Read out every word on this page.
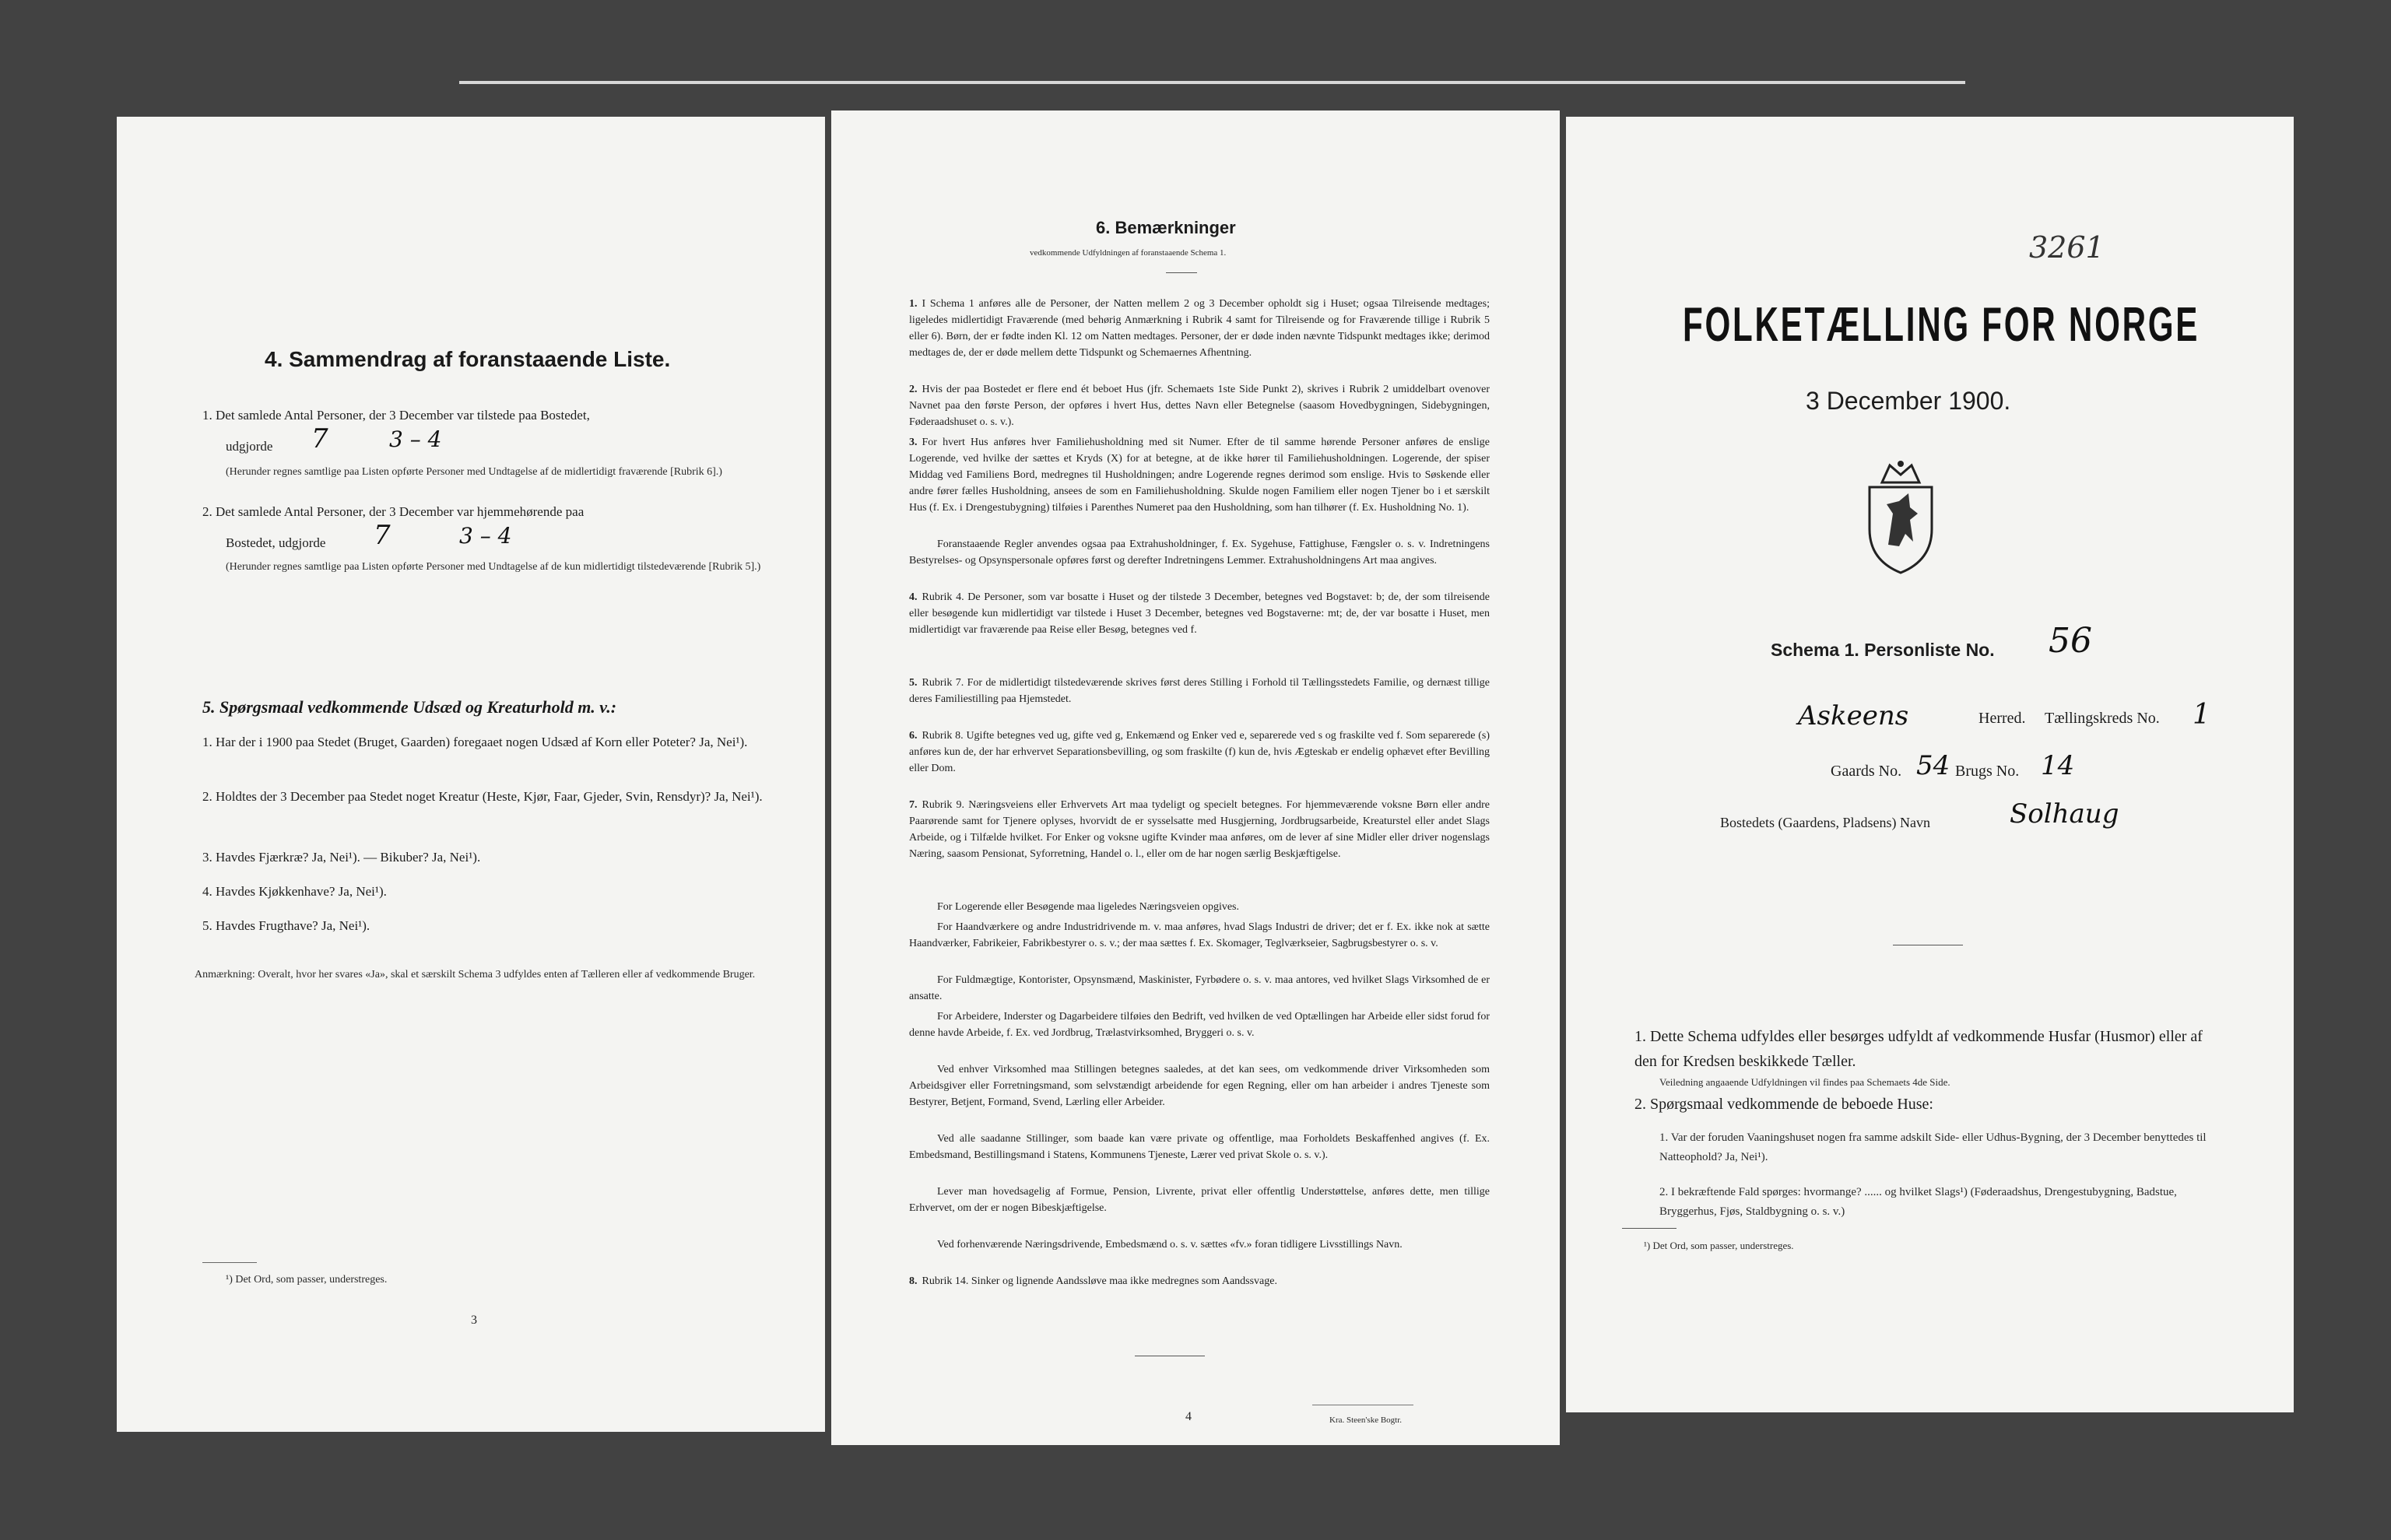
4. Sammendrag af foranstaaende Liste.
1. Det samlede Antal Personer, der 3 December var tilstede paa Bostedet,
udgjorde 7	3 – 4
(Herunder regnes samtlige paa Listen opførte Personer med Undtagelse af de midlertidigt fraværende [Rubrik 6].)
2. Det samlede Antal Personer, der 3 December var hjemmehørende paa
Bostedet, udgjorde 7	3 – 4
(Herunder regnes samtlige paa Listen opførte Personer med Undtagelse af de kun midlertidigt tilstedeværende [Rubrik 5].)
5. Spørgsmaal vedkommende Udsæd og Kreaturhold m. v.:
1. Har der i 1900 paa Stedet (Bruget, Gaarden) foregaaet nogen Udsæd af Korn eller Poteter? Ja, Nei¹).
2. Holdtes der 3 December paa Stedet noget Kreatur (Heste, Kjør, Faar, Gjeder, Svin, Rensdyr)? Ja, Nei¹).
3. Havdes Fjærkræ? Ja, Nei¹). — Bikuber? Ja, Nei¹).
4. Havdes Kjøkkenhave? Ja, Nei¹).
5. Havdes Frugthave? Ja, Nei¹).
Anmærkning: Overalt, hvor her svares «Ja», skal et særskilt Schema 3 udfyldes enten af Tælleren eller af vedkommende Bruger.
¹) Det Ord, som passer, understreges.
3
6. Bemærkninger
vedkommende Udfyldningen af foranstaaende Schema 1.
1. I Schema 1 anføres alle de Personer, der Natten mellem 2 og 3 December opholdt sig i Huset; ogsaa Tilreisende medtages; ligeledes midlertidigt Fraværende (med behørig Anmærkning i Rubrik 4 samt for Tilreisende og for Fraværende tillige i Rubrik 5 eller 6). Børn, der er fødte inden Kl. 12 om Natten medtages. Personer, der er døde inden nævnte Tidspunkt medtages ikke; derimod medtages de, der er døde mellem dette Tidspunkt og Schemaernes Afhentning.
2. Hvis der paa Bostedet er flere end ét beboet Hus (jfr. Schemaets 1ste Side Punkt 2), skrives i Rubrik 2 umiddelbart ovenover Navnet paa den første Person, der opføres i hvert Hus, dettes Navn eller Betegnelse (saasom Hovedbygningen, Sidebygningen, Føderaadshuset o. s. v.).
3. For hvert Hus anføres hver Familiehusholdning med sit Numer. Efter de til samme hørende Personer anføres de enslige Logerende, ved hvilke der sættes et Kryds (X) for at betegne, at de ikke hører til Familiehusholdningen. Logerende, der spiser Middag ved Familiens Bord, medregnes til Husholdningen; andre Logerende regnes derimod som enslige. Hvis to Søskende eller andre fører fælles Husholdning, ansees de som en Familiehusholdning. Skulde nogen Familiem eller nogen Tjener bo i et særskilt Hus (f. Ex. i Drengestubygning) tilføies i Parenthes Numeret paa den Husholdning, som han tilhører (f. Ex. Husholdning No. 1).
Foranstaaende Regler anvendes ogsaa paa Extrahusholdninger, f. Ex. Sygehuse, Fattighuse, Fængsler o. s. v. Indretningens Bestyrelses- og Opsynspersonale opføres først og derefter Indretningens Lemmer. Extrahusholdningens Art maa angives.
4. Rubrik 4. De Personer, som var bosatte i Huset og der tilstede 3 December, betegnes ved Bogstavet: b; de, der som tilreisende eller besøgende kun midlertidigt var tilstede i Huset 3 December, betegnes ved Bogstaverne: mt; de, der var bosatte i Huset, men midlertidigt var fraværende paa Reise eller Besøg, betegnes ved f.
5. Rubrik 7. For de midlertidigt tilstedeværende skrives først deres Stilling i Forhold til Tællingsstedets Familie, og dernæst tillige deres Familiestilling paa Hjemstedet.
6. Rubrik 8. Ugifte betegnes ved ug, gifte ved g, Enkemænd og Enker ved e, separerede ved s og fraskilte ved f. Som separerede (s) anføres kun de, der har erhvervet Separationsbevilling, og som fraskilte (f) kun de, hvis Ægteskab er endelig ophævet efter Bevilling eller Dom.
7. Rubrik 9. Næringsveiens eller Erhvervets Art maa tydeligt og specielt betegnes. For hjemmeværende voksne Børn eller andre Paarørende samt for Tjenere oplyses, hvorvidt de er sysselsatte med Husgjerning, Jordbrugsarbeide, Kreaturstel eller andet Slags Arbeide, og i Tilfælde hvilket. For Enker og voksne ugifte Kvinder maa anføres, om de lever af sine Midler eller driver nogenslags Næring, saasom Pensionat, Syforretning, Handel o. l., eller om de har nogen særlig Beskjæftigelse.
For Logerende eller Besøgende maa ligeledes Næringsveien opgives.
For Haandværkere og andre Industridrivende m. v. maa anføres, hvad Slags Industri de driver; det er f. Ex. ikke nok at sætte Haandværker, Fabrikeier, Fabrikbestyrer o. s. v.; der maa sættes f. Ex. Skomager, Teglværkseier, Sagbrugsbestyrer o. s. v.
For Fuldmægtige, Kontorister, Opsynsmænd, Maskinister, Fyrbødere o. s. v. maa antores, ved hvilket Slags Virksomhed de er ansatte.
For Arbeidere, Inderster og Dagarbeidere tilføies den Bedrift, ved hvilken de ved Optællingen har Arbeide eller sidst forud for denne havde Arbeide, f. Ex. ved Jordbrug, Trælastvirksomhed, Bryggeri o. s. v.
Ved enhver Virksomhed maa Stillingen betegnes saaledes, at det kan sees, om vedkommende driver Virksomheden som Arbeidsgiver eller Forretningsmand, som selvstændigt arbeidende for egen Regning, eller om han arbeider i andres Tjeneste som Bestyrer, Betjent, Formand, Svend, Lærling eller Arbeider.
Ved alle saadanne Stillinger, som baade kan være private og offentlige, maa Forholdets Beskaffenhed angives (f. Ex. Embedsmand, Bestillingsmand i Statens, Kommunens Tjeneste, Lærer ved privat Skole o. s. v.).
Lever man hovedsagelig af Formue, Pension, Livrente, privat eller offentlig Understøttelse, anføres dette, men tillige Erhvervet, om der er nogen Bibeskjæftigelse.
Ved forhenværende Næringsdrivende, Embedsmænd o. s. v. sættes «fv.» foran tidligere Livsstillings Navn.
8. Rubrik 14. Sinker og lignende Aandssløve maa ikke medregnes som Aandssvage.
4	Kra. Steen'ske Bogtr.
3261
FOLKETÆLLING FOR NORGE
3 December 1900.
Schema 1. Personliste No. 56
Askeens	Herred. Tællingskreds No. 1
Gaards No. 54 Brugs No. 14
Bostedets (Gaardens, Pladsens) Navn	Solhaug
1. Dette Schema udfyldes eller besørges udfyldt af vedkommende Husfar (Husmor) eller af den for Kredsen beskikkede Tæller.
Veiledning angaaende Udfyldningen vil findes paa Schemaets 4de Side.
2. Spørgsmaal vedkommende de beboede Huse:
1. Var der foruden Vaaningshuset nogen fra samme adskilt Side- eller Udhus-Bygning, der 3 December benyttedes til Natteophold? Ja, Nei¹).
2. I bekræftende Fald spørges: hvormange? ...... og hvilket Slags¹) (Føderaadshus, Drengestubygning, Badstue, Bryggerhus, Fjøs, Staldbygning o. s. v.)
¹) Det Ord, som passer, understreges.
